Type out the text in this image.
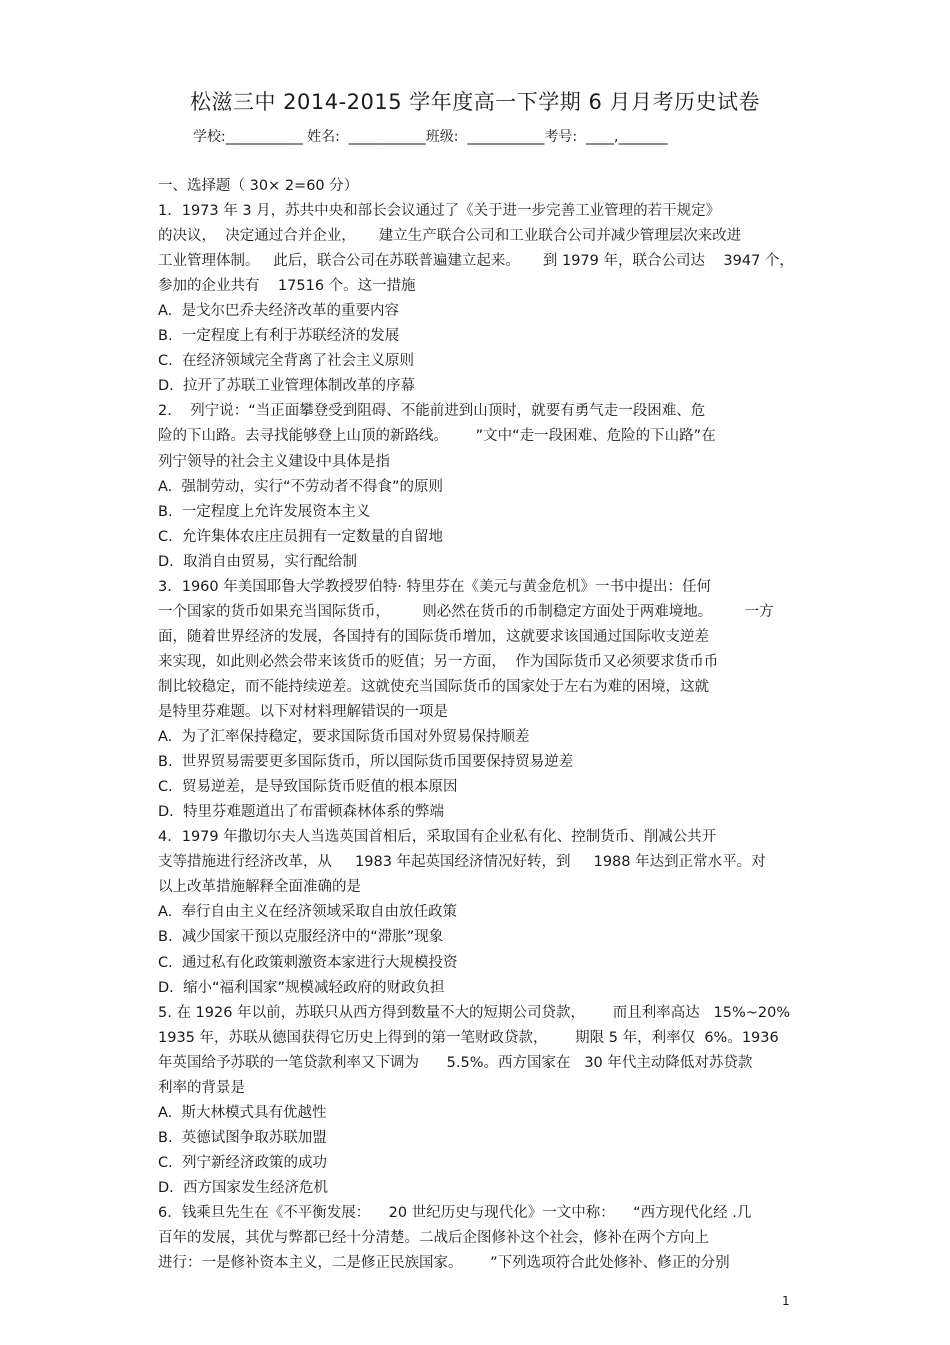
松滋三中 2014-2015 学年度高一下学期 6 月月考历史试卷
学校:___________ 姓名:  ___________班级:  ___________考号:  ____,_______
一、选择题（ 30× 2=60 分）
1．1973 年 3 月，苏共中央和部长会议通过了《关于进一步完善工业管理的若干规定》
的决议，  决定通过合并企业，     建立生产联合公司和工业联合公司并减少管理层次来改进
工业管理体制。   此后，联合公司在苏联普遍建立起来。     到 1979 年，联合公司达    3947 个，
参加的企业共有    17516 个。这一措施
A.  是戈尔巴乔夫经济改革的重要内容
B.  一定程度上有利于苏联经济的发展
C.  在经济领域完全背离了社会主义原则
D.  拉开了苏联工业管理体制改革的序幕
2.    列宁说：“当正面攀登受到阻碍、不能前进到山顶时，就要有勇气走一段困难、危
险的下山路。去寻找能够登上山顶的新路线。      ”文中“走一段困难、危险的下山路”在
列宁领导的社会主义建设中具体是指
A.  强制劳动，实行“不劳动者不得食”的原则
B.  一定程度上允许发展资本主义
C.  允许集体农庄庄员拥有一定数量的自留地
D.  取消自由贸易，实行配给制
3．1960 年美国耶鲁大学教授罗伯特· 特里芬在《美元与黄金危机》一书中提出：任何
一个国家的货币如果充当国际货币，       则必然在货币的币制稳定方面处于两难境地。       一方
面，随着世界经济的发展，各国持有的国际货币增加，这就要求该国通过国际收支逆差
来实现，如此则必然会带来该货币的贬值；另一方面，  作为国际货币又必须要求货币币
制比较稳定，而不能持续逆差。这就使充当国际货币的国家处于左右为难的困境，这就
是特里芬难题。以下对材料理解错误的一项是
A.  为了汇率保持稳定，要求国际货币国对外贸易保持顺差
B.  世界贸易需要更多国际货币，所以国际货币国要保持贸易逆差
C.  贸易逆差，是导致国际货币贬值的根本原因
D.  特里芬难题道出了布雷顿森林体系的弊端
4．1979 年撒切尔夫人当选英国首相后，采取国有企业私有化、控制货币、削减公共开
支等措施进行经济改革，从     1983 年起英国经济情况好转，到     1988 年达到正常水平。对
以上改革措施解释全面准确的是
A.  奉行自由主义在经济领域采取自由放任政策
B.  减少国家干预以克服经济中的“滞胀”现象
C.  通过私有化政策刺激资本家进行大规模投资
D.  缩小“福利国家”规模减轻政府的财政负担
5. 在 1926 年以前，苏联只从西方得到数量不大的短期公司贷款，      而且利率高达   15%~20%
1935 年，苏联从德国获得它历史上得到的第一笔财政贷款，      期限 5 年，利率仅  6%。1936
年英国给予苏联的一笔贷款利率又下调为      5.5%。西方国家在   30 年代主动降低对苏贷款
利率的背景是
A.  斯大林模式具有优越性
B.  英德试图争取苏联加盟
C.  列宁新经济政策的成功
D.  西方国家发生经济危机
6．钱乘旦先生在《不平衡发展：    20 世纪历史与现代化》一文中称：    “西方现代化经 .几
百年的发展，其优与弊都已经十分清楚。二战后企图修补这个社会，修补在两个方向上
进行：一是修补资本主义，二是修正民族国家。      ”下列选项符合此处修补、修正的分别
1
